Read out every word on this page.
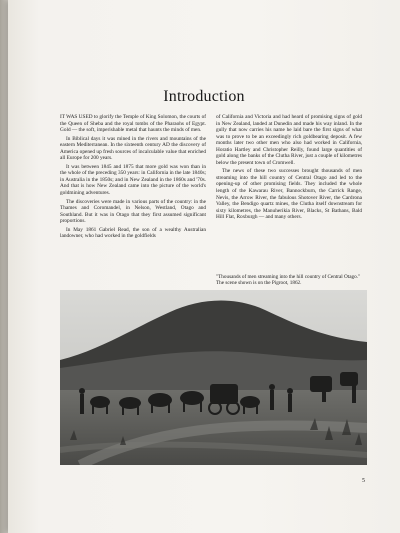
Introduction

IT WAS USED to glorify the Temple of King Solomon, the courts of the Queen of Sheba and the royal tombs of the Pharaohs of Egypt. Gold — the soft, imperishable metal that haunts the minds of men.

In Biblical days it was mined in the rivers and mountains of the eastern Mediterranean. In the sixteenth century AD the discovery of America opened up fresh sources of incalculable value that enriched all Europe for 200 years.

It was between 1845 and 1875 that more gold was won than in the whole of the preceding 350 years: in California in the late 1840s; in Australia in the 1850s; and in New Zealand in the 1860s and '70s. And that is how New Zealand came into the picture of the world's goldmining adventures.

The discoveries were made in various parts of the country: in the Thames and Coromandel, in Nelson, Westland, Otago and Southland. But it was in Otago that they first assumed significant proportions.

In May 1861 Gabriel Read, the son of a wealthy Australian landowner, who had worked in the goldfields

of California and Victoria and had heard of promising signs of gold in New Zealand, landed at Dunedin and made his way inland. In the gully that now carries his name he laid bare the first signs of what was to prove to be an exceedingly rich goldbearing deposit. A few months later two other men who also had worked in California, Horatio Hartley and Christopher Reilly, found large quantities of gold along the banks of the Clutha River, just a couple of kilometres below the present town of Cromwell.

The news of these two successes brought thousands of men streaming into the hill country of Central Otago and led to the opening-up of other promising fields. They included the whole length of the Kawarau River, Bannockburn, the Carrick Range, Nevis, the Arrow River, the fabulous Shotover River, the Cardrona Valley, the Bendigo quartz mines, the Clutha itself downstream for sixty kilometres, the Manuherikia River, Blacks, St Bathans, Bald Hill Flat, Roxburgh — and many others.

"Thousands of men streaming into the hill country of Central Otago." The scene shown is on the Pigroot, 1862.

5
